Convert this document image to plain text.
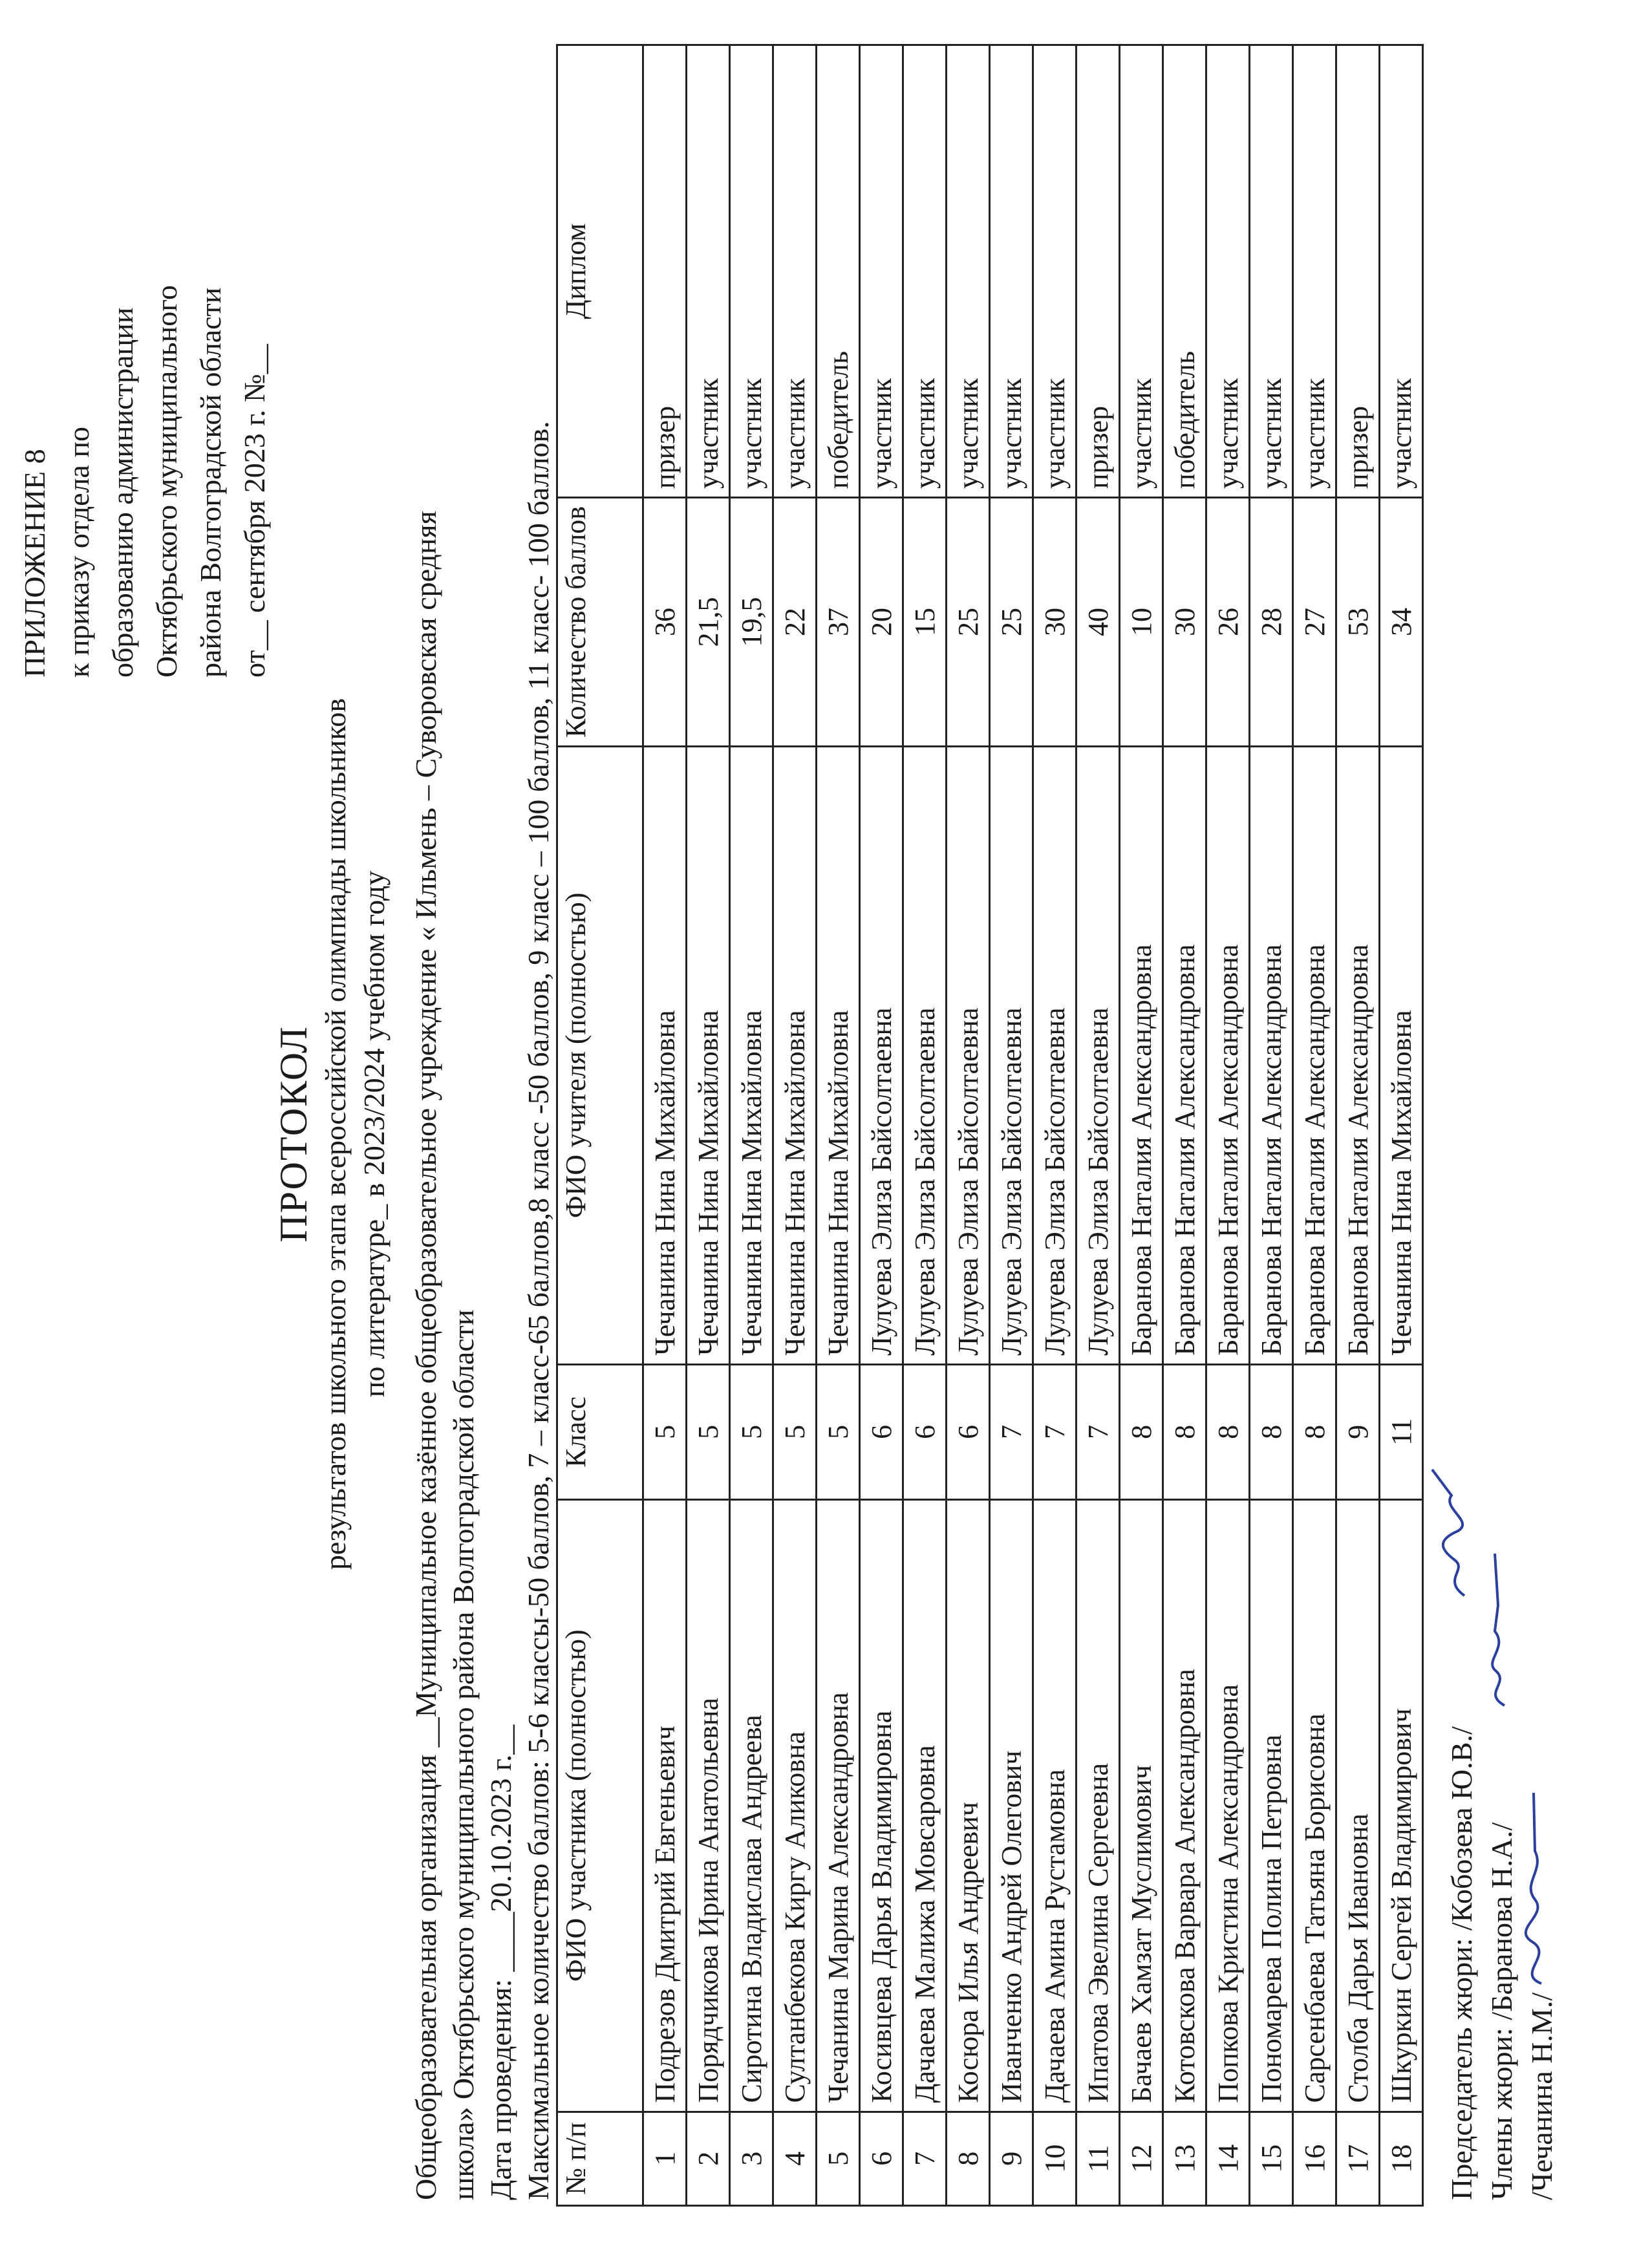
ПРИЛОЖЕНИЕ 8 к приказу отдела по образованию администрации Октябрьского муниципального района Волгоградской области от__ сентября 2023 г. №__
ПРОТОКОЛ результатов школьного этапа всероссийской олимпиады школьников по литературе_ в 2023/2024 учебном году Общеобразовательная организация __Муниципальное казённое общеобразовательное учреждение « Ильмень – Суворовская средняя школа» Октябрьского муниципального района Волгоградской области Дата проведения: ____20.10.2023 г.__ Максимальное количество баллов: 5-6 классы-50 баллов, 7 – класс-65 баллов,8 класс -50 баллов, 9 класс – 100 баллов, 11 класс- 100 баллов. № п/п	ФИО участника (полностью)	Класс	ФИО учителя (полностью)	Количество баллов	Диплом
1	Подрезов Дмитрий Евгеньевич	5	Чечанина Нина Михайловна	36	призер
2	Порядчикова Ирина Анатольевна	5	Чечанина Нина Михайловна	21,5	участник
3	Сиротина Владислава Андреева	5	Чечанина Нина Михайловна	19,5	участник
4	Султанбекова Киргу Аликовна	5	Чечанина Нина Михайловна	22	участник
5	Чечанина Марина Александровна	5	Чечанина Нина Михайловна	37	победитель
6	Косивцева Дарья Владимировна	6	Лулуева Элиза Байсолтаевна	20	участник
7	Дачаева Малижа Мовсаровна	6	Лулуева Элиза Байсолтаевна	15	участник
8	Косюра Илья Андреевич	6	Лулуева Элиза Байсолтаевна	25	участник
9	Иванченко Андрей Олегович	7	Лулуева Элиза Байсолтаевна	25	участник
10	Дачаева Амина Рустамовна	7	Лулуева Элиза Байсолтаевна	30	участник
11	Ипатова Эвелина Сергеевна	7	Лулуева Элиза Байсолтаевна	40	призер
12	Бачаев Хамзат Муслимович	8	Баранова Наталия Александровна	10	участник
13	Котовскова Варвара Александровна	8	Баранова Наталия Александровна	30	победитель
14	Попкова Кристина Александровна	8	Баранова Наталия Александровна	26	участник
15	Пономарева Полина Петровна	8	Баранова Наталия Александровна	28	участник
16	Сарсенбаева Татьяна Борисовна	8	Баранова Наталия Александровна	27	участник
17	Столба Дарья Ивановна	9	Баранова Наталия Александровна	53	призер
18	Шкуркин Сергей Владимирович	11	Чечанина Нина Михайловна	34	участник
Председатель жюри: /Кобозева Ю.В./ Члены жюри: /Баранова Н.А./ /Чечанина Н.М./
